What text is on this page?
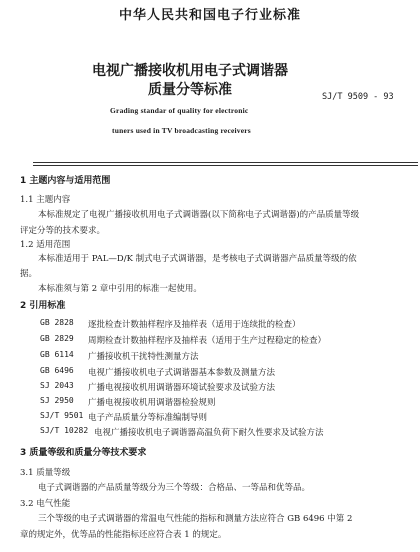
中华人民共和国电子行业标准
电视广播接收机用电子式调谐器
质量分等标准	SJ/T 9509 - 93
Grading standar of quality for electronic
tuners used in TV broadcasting receivers
1 主题内容与适用范围
1.1 主题内容
本标准规定了电视广播接收机用电子式调谐器(以下简称电子式调谐器)的产品质量等级
评定分等的技术要求。
1.2 适用范围
本标准适用于 PAL—D/K 制式电子式调谐器，是考核电子式调谐器产品质量等级的依
据。
本标准须与第 2 章中引用的标准一起使用。
2 引用标准
GB 2828 逐批检查计数抽样程序及抽样表（适用于连续批的检查）
GB 2829 周期检查计数抽样程序及抽样表（适用于生产过程稳定的检查）
GB 6114 广播接收机干扰特性测量方法
GB 6496 电视广播接收机电子式调谐器基本参数及测量方法
SJ 2043 广播电视接收机用调谐器环境试验要求及试验方法
SJ 2950 广播电视接收机用调谐器检验规则
SJ/T 9501 电子产品质量分等标准编制导则
SJ/T 10282 电视广播接收机电子调谐器高温负荷下耐久性要求及试验方法
3 质量等级和质量分等技术要求
3.1 质量等级
电子式调谐器的产品质量等级分为三个等级：合格品、一等品和优等品。
3.2 电气性能
三个等级的电子式调谐器的常温电气性能的指标和测量方法应符合 GB 6496 中第 2
章的规定外，优等品的性能指标还应符合表 1 的规定。
